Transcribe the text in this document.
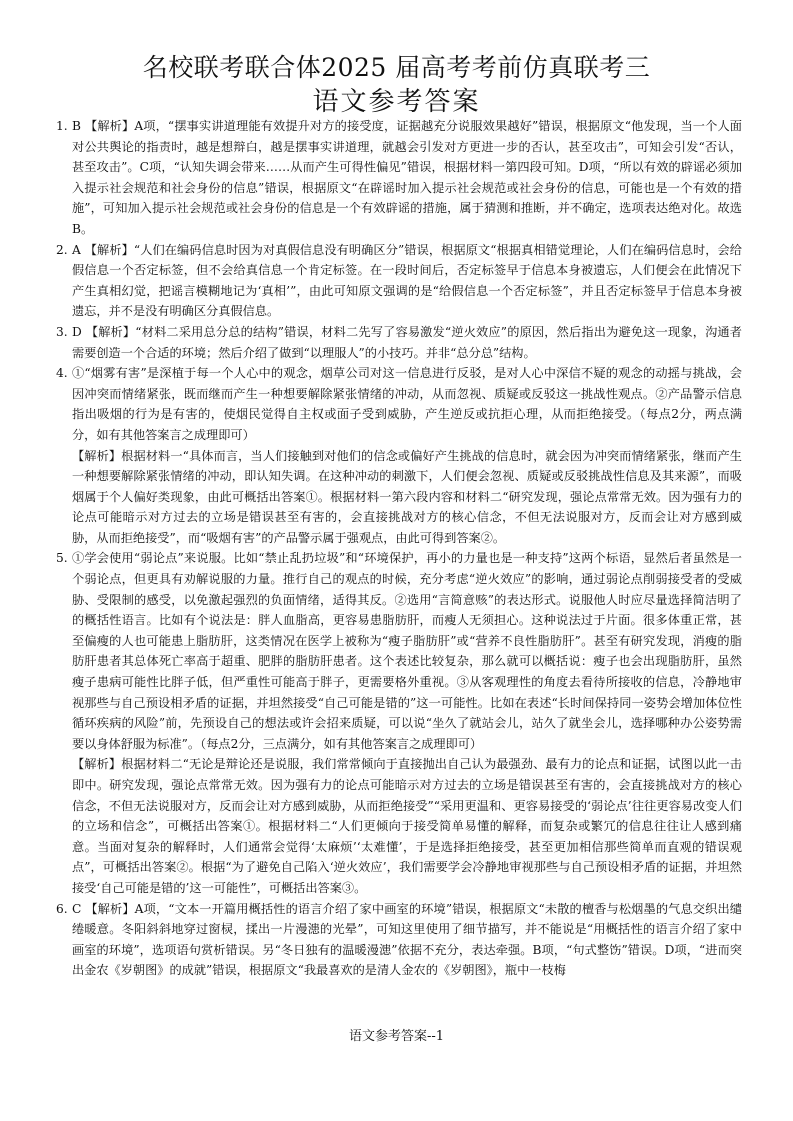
名校联考联合体2025 届高考考前仿真联考三
语文参考答案
1. B 【解析】A项，“摆事实讲道理能有效提升对方的接受度，证据越充分说服效果越好”错误，根据原文“他发现，当一个人面对公共舆论的指责时，越是想辩白，越是摆事实讲道理，就越会引发对方更进一步的否认，甚至攻击”，可知会引发“否认，甚至攻击”。C项，“认知失调会带来……从而产生可得性偏见”错误，根据材料一第四段可知。D项，“所以有效的辟谣必须加入提示社会规范和社会身份的信息”错误，根据原文“在辟谣时加入提示社会规范或社会身份的信息，可能也是一个有效的措施”，可知加入提示社会规范或社会身份的信息是一个有效辟谣的措施，属于猜测和推断，并不确定，选项表达绝对化。故选B。

2. A 【解析】“人们在编码信息时因为对真假信息没有明确区分”错误，根据原文“根据真相错觉理论，人们在编码信息时，会给假信息一个否定标签，但不会给真信息一个肯定标签。在一段时间后，否定标签早于信息本身被遗忘，人们便会在此情况下产生真相幻觉，把谣言模糊地记为‘真相’”，由此可知原文强调的是“给假信息一个否定标签”，并且否定标签早于信息本身被遗忘，并不是没有明确区分真假信息。

3. D 【解析】“材料二采用总分总的结构”错误，材料二先写了容易激发“逆火效应”的原因，然后指出为避免这一现象，沟通者需要创造一个合适的环境；然后介绍了做到“以理服人”的小技巧。并非“总分总”结构。

4. ①“烟雾有害”是深植于每一个人心中的观念，烟草公司对这一信息进行反驳，是对人心中深信不疑的观念的动摇与挑战，会因冲突而情绪紧张，既而继而产生一种想要解除紧张情绪的冲动，从而忽视、质疑或反驳这一挑战性观点。②产品警示信息指出吸烟的行为是有害的，使烟民觉得自主权或面子受到威胁，产生逆反或抗拒心理，从而拒绝接受。（每点2分，两点满分，如有其他答案言之成理即可）

【解析】根据材料一“具体而言，当人们接触到对他们的信念或偏好产生挑战的信息时，就会因为冲突而情绪紧张，继而产生一种想要解除紧张情绪的冲动，即认知失调。在这种冲动的刺激下，人们便会忽视、质疑或反驳挑战性信息及其来源”，而吸烟属于个人偏好类现象，由此可概括出答案①。根据材料一第六段内容和材料二“研究发现，强论点常常无效。因为强有力的论点可能暗示对方过去的立场是错误甚至有害的，会直接挑战对方的核心信念，不但无法说服对方，反而会让对方感到威胁，从而拒绝接受”，而“吸烟有害”的产品警示属于强观点，由此可得到答案②。

5. ①学会使用“弱论点”来说服。比如“禁止乱扔垃圾”和“环境保护，再小的力量也是一种支持”这两个标语，显然后者虽然是一个弱论点，但更具有劝解说服的力量。推行自己的观点的时候，充分考虑“逆火效应”的影响，通过弱论点削弱接受者的受威胁、受限制的感受，以免激起强烈的负面情绪，适得其反。②选用“言简意赅”的表达形式。说服他人时应尽量选择简洁明了的概括性语言。比如有个说法是：胖人血脂高，更容易患脂肪肝，而瘦人无须担心。这种说法过于片面。很多体重正常，甚至偏瘦的人也可能患上脂肪肝，这类情况在医学上被称为“瘦子脂肪肝”或“营养不良性脂肪肝”。甚至有研究发现，消瘦的脂肪肝患者其总体死亡率高于超重、肥胖的脂肪肝患者。这个表述比较复杂，那么就可以概括说：瘦子也会出现脂肪肝，虽然瘦子患病可能性比胖子低，但严重性可能高于胖子，更需要格外重视。③从客观理性的角度去看待所接收的信息，冷静地审视那些与自己预设相矛盾的证据，并坦然接受“自己可能是错的”这一可能性。比如在表述“长时间保持同一姿势会增加体位性循环疾病的风险”前，先预设自己的想法或许会招来质疑，可以说“坐久了就站会儿，站久了就坐会儿，选择哪种办公姿势需要以身体舒服为标准”。（每点2分，三点满分，如有其他答案言之成理即可）

【解析】根据材料二“无论是辩论还是说服，我们常常倾向于直接抛出自己认为最强劲、最有力的论点和证据，试图以此一击即中。研究发现，强论点常常无效。因为强有力的论点可能暗示对方过去的立场是错误甚至有害的，会直接挑战对方的核心信念，不但无法说服对方，反而会让对方感到威胁，从而拒绝接受”“采用更温和、更容易接受的‘弱论点’往往更容易改变人们的立场和信念”，可概括出答案①。根据材料二“人们更倾向于接受简单易懂的解释，而复杂或繁冗的信息往往让人感到痛意。当面对复杂的解释时，人们通常会觉得‘太麻烦’‘太难懂’，于是选择拒绝接受，甚至更加相信那些简单而直观的错误观点”，可概括出答案②。根据“为了避免自己陷入‘逆火效应’，我们需要学会冷静地审视那些与自己预设相矛盾的证据，并坦然接受‘自己可能是错的’这一可能性”，可概括出答案③。

6. C 【解析】A项，“文本一开篇用概括性的语言介绍了家中画室的环境”错误，根据原文“未散的檀香与松烟墨的气息交织出缱绻暖意。冬阳斜斜地穿过窗棂，揉出一片漫漶的光晕”，可知这里使用了细节描写，并不能说是“用概括性的语言介绍了家中画室的环境”，选项语句赏析错误。另“冬日独有的温暖漫漶”依据不充分，表达牵强。B项，“句式整饬”错误。D项，“进而突出金农《岁朝图》的成就”错误，根据原文“我最喜欢的是清人金农的《岁朝图》，瓶中一枝梅

语文参考答案--1
